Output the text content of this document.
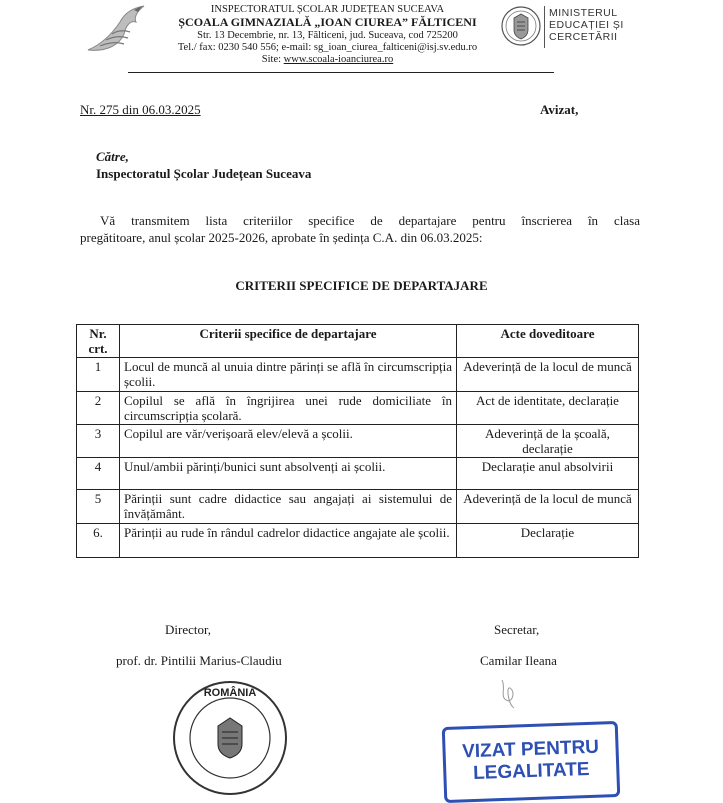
INSPECTORATUL ȘCOLAR JUDEȚEAN SUCEAVA
ȘCOALA GIMNAZIALĂ „IOAN CIUREA” FĂLTICENI
Str. 13 Decembrie, nr. 13, Fălticeni, jud. Suceava, cod 725200
Tel./ fax: 0230 540 556; e-mail: sg_ioan_ciurea_falticeni@isj.sv.edu.ro
Site: www.scoala-ioanciurea.ro
MINISTERUL
EDUCAȚIEI ȘI
CERCETĂRII
Nr. 275 din 06.03.2025	Avizat,
Către,
Inspectoratul Școlar Județean Suceava
Vă transmitem lista criteriilor specifice de departajare pentru înscrierea în clasa
pregătitoare, anul școlar 2025-2026, aprobate în ședința C.A. din 06.03.2025:
CRITERII SPECIFICE DE DEPARTAJARE
Nr. crt.	Criterii specifice de departajare	Acte doveditoare
1	Locul de muncă al unuia dintre părinți se află în circumscripția școlii.	Adeverință de la locul de muncă
2	Copilul se află în îngrijirea unei rude domiciliate în circumscripția școlară.	Act de identitate, declarație
3	Copilul are văr/verișoară elev/elevă a școlii.	Adeverință de la școală, declarație
4	Unul/ambii părinți/bunici sunt absolvenți ai școlii.	Declarație anul absolvirii
5	Părinții sunt cadre didactice sau angajați ai sistemului de învățământ.	Adeverință de la locul de muncă
6.	Părinții au rude în rândul cadrelor didactice angajate ale școlii.	Declarație
Director,
prof. dr. Pintilii Marius-Claudiu
Secretar,
Camilar Ileana
ROMÂNIA
VIZAT PENTRU
LEGALITATE
